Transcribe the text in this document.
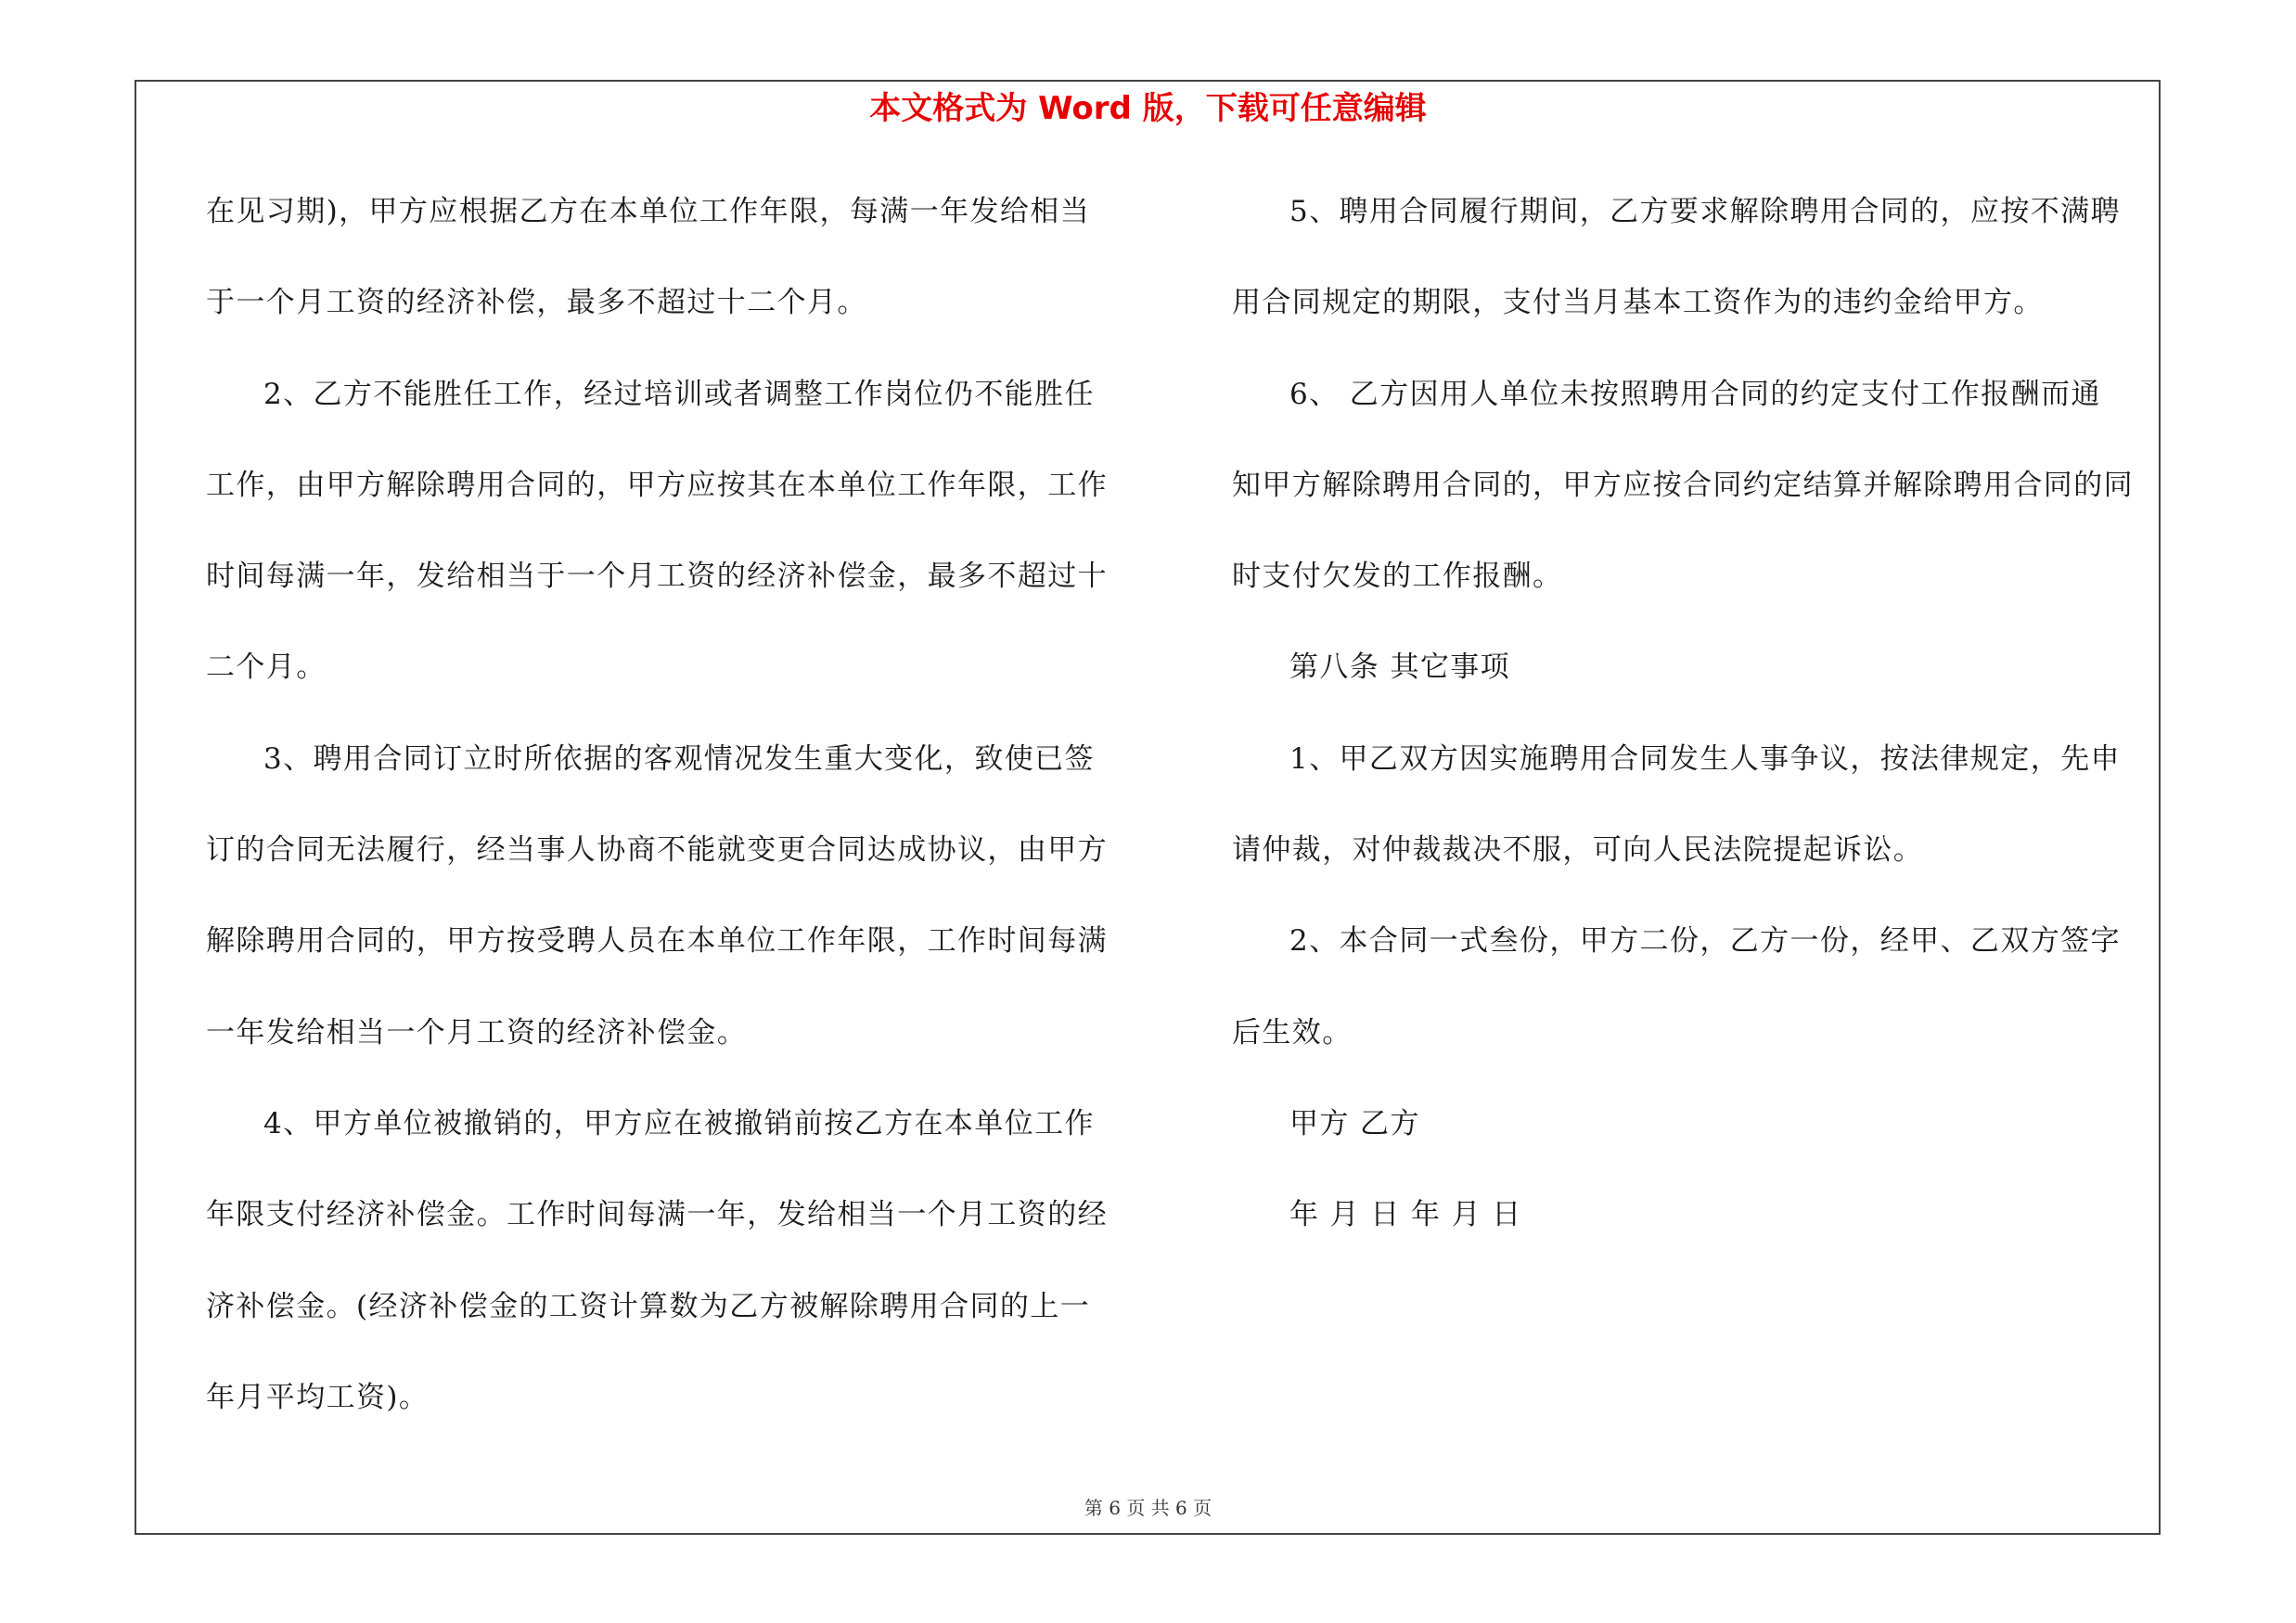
本文格式为 Word 版，下载可任意编辑
在见习期)，甲方应根据乙方在本单位工作年限，每满一年发给相当
于一个月工资的经济补偿，最多不超过十二个月。
2、乙方不能胜任工作，经过培训或者调整工作岗位仍不能胜任
工作，由甲方解除聘用合同的，甲方应按其在本单位工作年限，工作
时间每满一年，发给相当于一个月工资的经济补偿金，最多不超过十
二个月。
3、聘用合同订立时所依据的客观情况发生重大变化，致使已签
订的合同无法履行，经当事人协商不能就变更合同达成协议，由甲方
解除聘用合同的，甲方按受聘人员在本单位工作年限，工作时间每满
一年发给相当一个月工资的经济补偿金。
4、甲方单位被撤销的，甲方应在被撤销前按乙方在本单位工作
年限支付经济补偿金。工作时间每满一年，发给相当一个月工资的经
济补偿金。(经济补偿金的工资计算数为乙方被解除聘用合同的上一
年月平均工资)。
5、聘用合同履行期间，乙方要求解除聘用合同的，应按不满聘
用合同规定的期限，支付当月基本工资作为的违约金给甲方。
6、 乙方因用人单位未按照聘用合同的约定支付工作报酬而通
知甲方解除聘用合同的，甲方应按合同约定结算并解除聘用合同的同
时支付欠发的工作报酬。
第八条 其它事项
1、甲乙双方因实施聘用合同发生人事争议，按法律规定，先申
请仲裁，对仲裁裁决不服，可向人民法院提起诉讼。
2、本合同一式叁份，甲方二份，乙方一份，经甲、乙双方签字
后生效。
甲方 乙方
年 月 日 年 月 日
第 6 页 共 6 页
